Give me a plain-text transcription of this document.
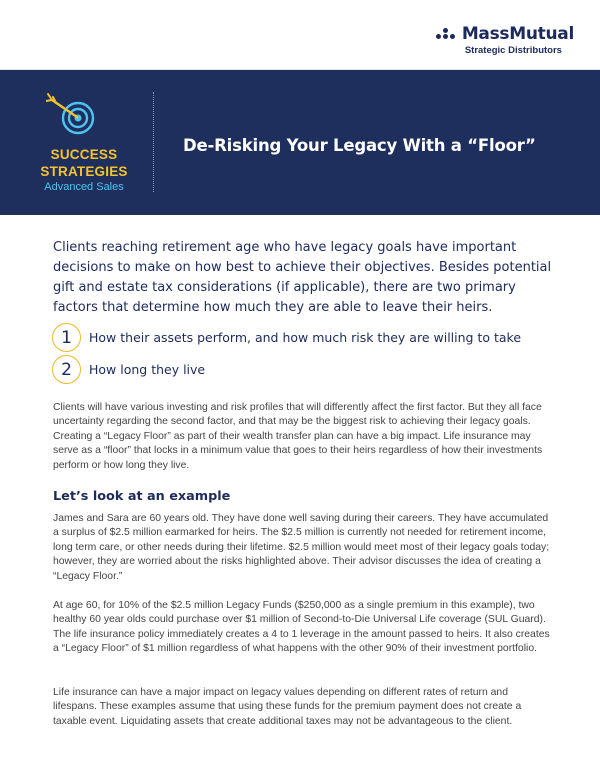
MassMutual
Strategic Distributors
SUCCESS
STRATEGIES
Advanced Sales
De-Risking Your Legacy With a “Floor”

Clients reaching retirement age who have legacy goals have important decisions to make on how best to achieve their objectives. Besides potential gift and estate tax considerations (if applicable), there are two primary factors that determine how much they are able to leave their heirs.

1	How their assets perform, and how much risk they are willing to take
2	How long they live

Clients will have various investing and risk profiles that will differently affect the first factor. But they all face uncertainty regarding the second factor, and that may be the biggest risk to achieving their legacy goals. Creating a “Legacy Floor” as part of their wealth transfer plan can have a big impact. Life insurance may serve as a “floor” that locks in a minimum value that goes to their heirs regardless of how their investments perform or how long they live.

Let’s look at an example

James and Sara are 60 years old. They have done well saving during their careers. They have accumulated a surplus of $2.5 million earmarked for heirs. The $2.5 million is currently not needed for retirement income, long term care, or other needs during their lifetime. $2.5 million would meet most of their legacy goals today; however, they are worried about the risks highlighted above. Their advisor discusses the idea of creating a “Legacy Floor.”

At age 60, for 10% of the $2.5 million Legacy Funds ($250,000 as a single premium in this example), two healthy 60 year olds could purchase over $1 million of Second-to-Die Universal Life coverage (SUL Guard). The life insurance policy immediately creates a 4 to 1 leverage in the amount passed to heirs. It also creates a “Legacy Floor” of $1 million regardless of what happens with the other 90% of their investment portfolio.

Life insurance can have a major impact on legacy values depending on different rates of return and lifespans. These examples assume that using these funds for the premium payment does not create a taxable event. Liquidating assets that create additional taxes may not be advantageous to the client.
